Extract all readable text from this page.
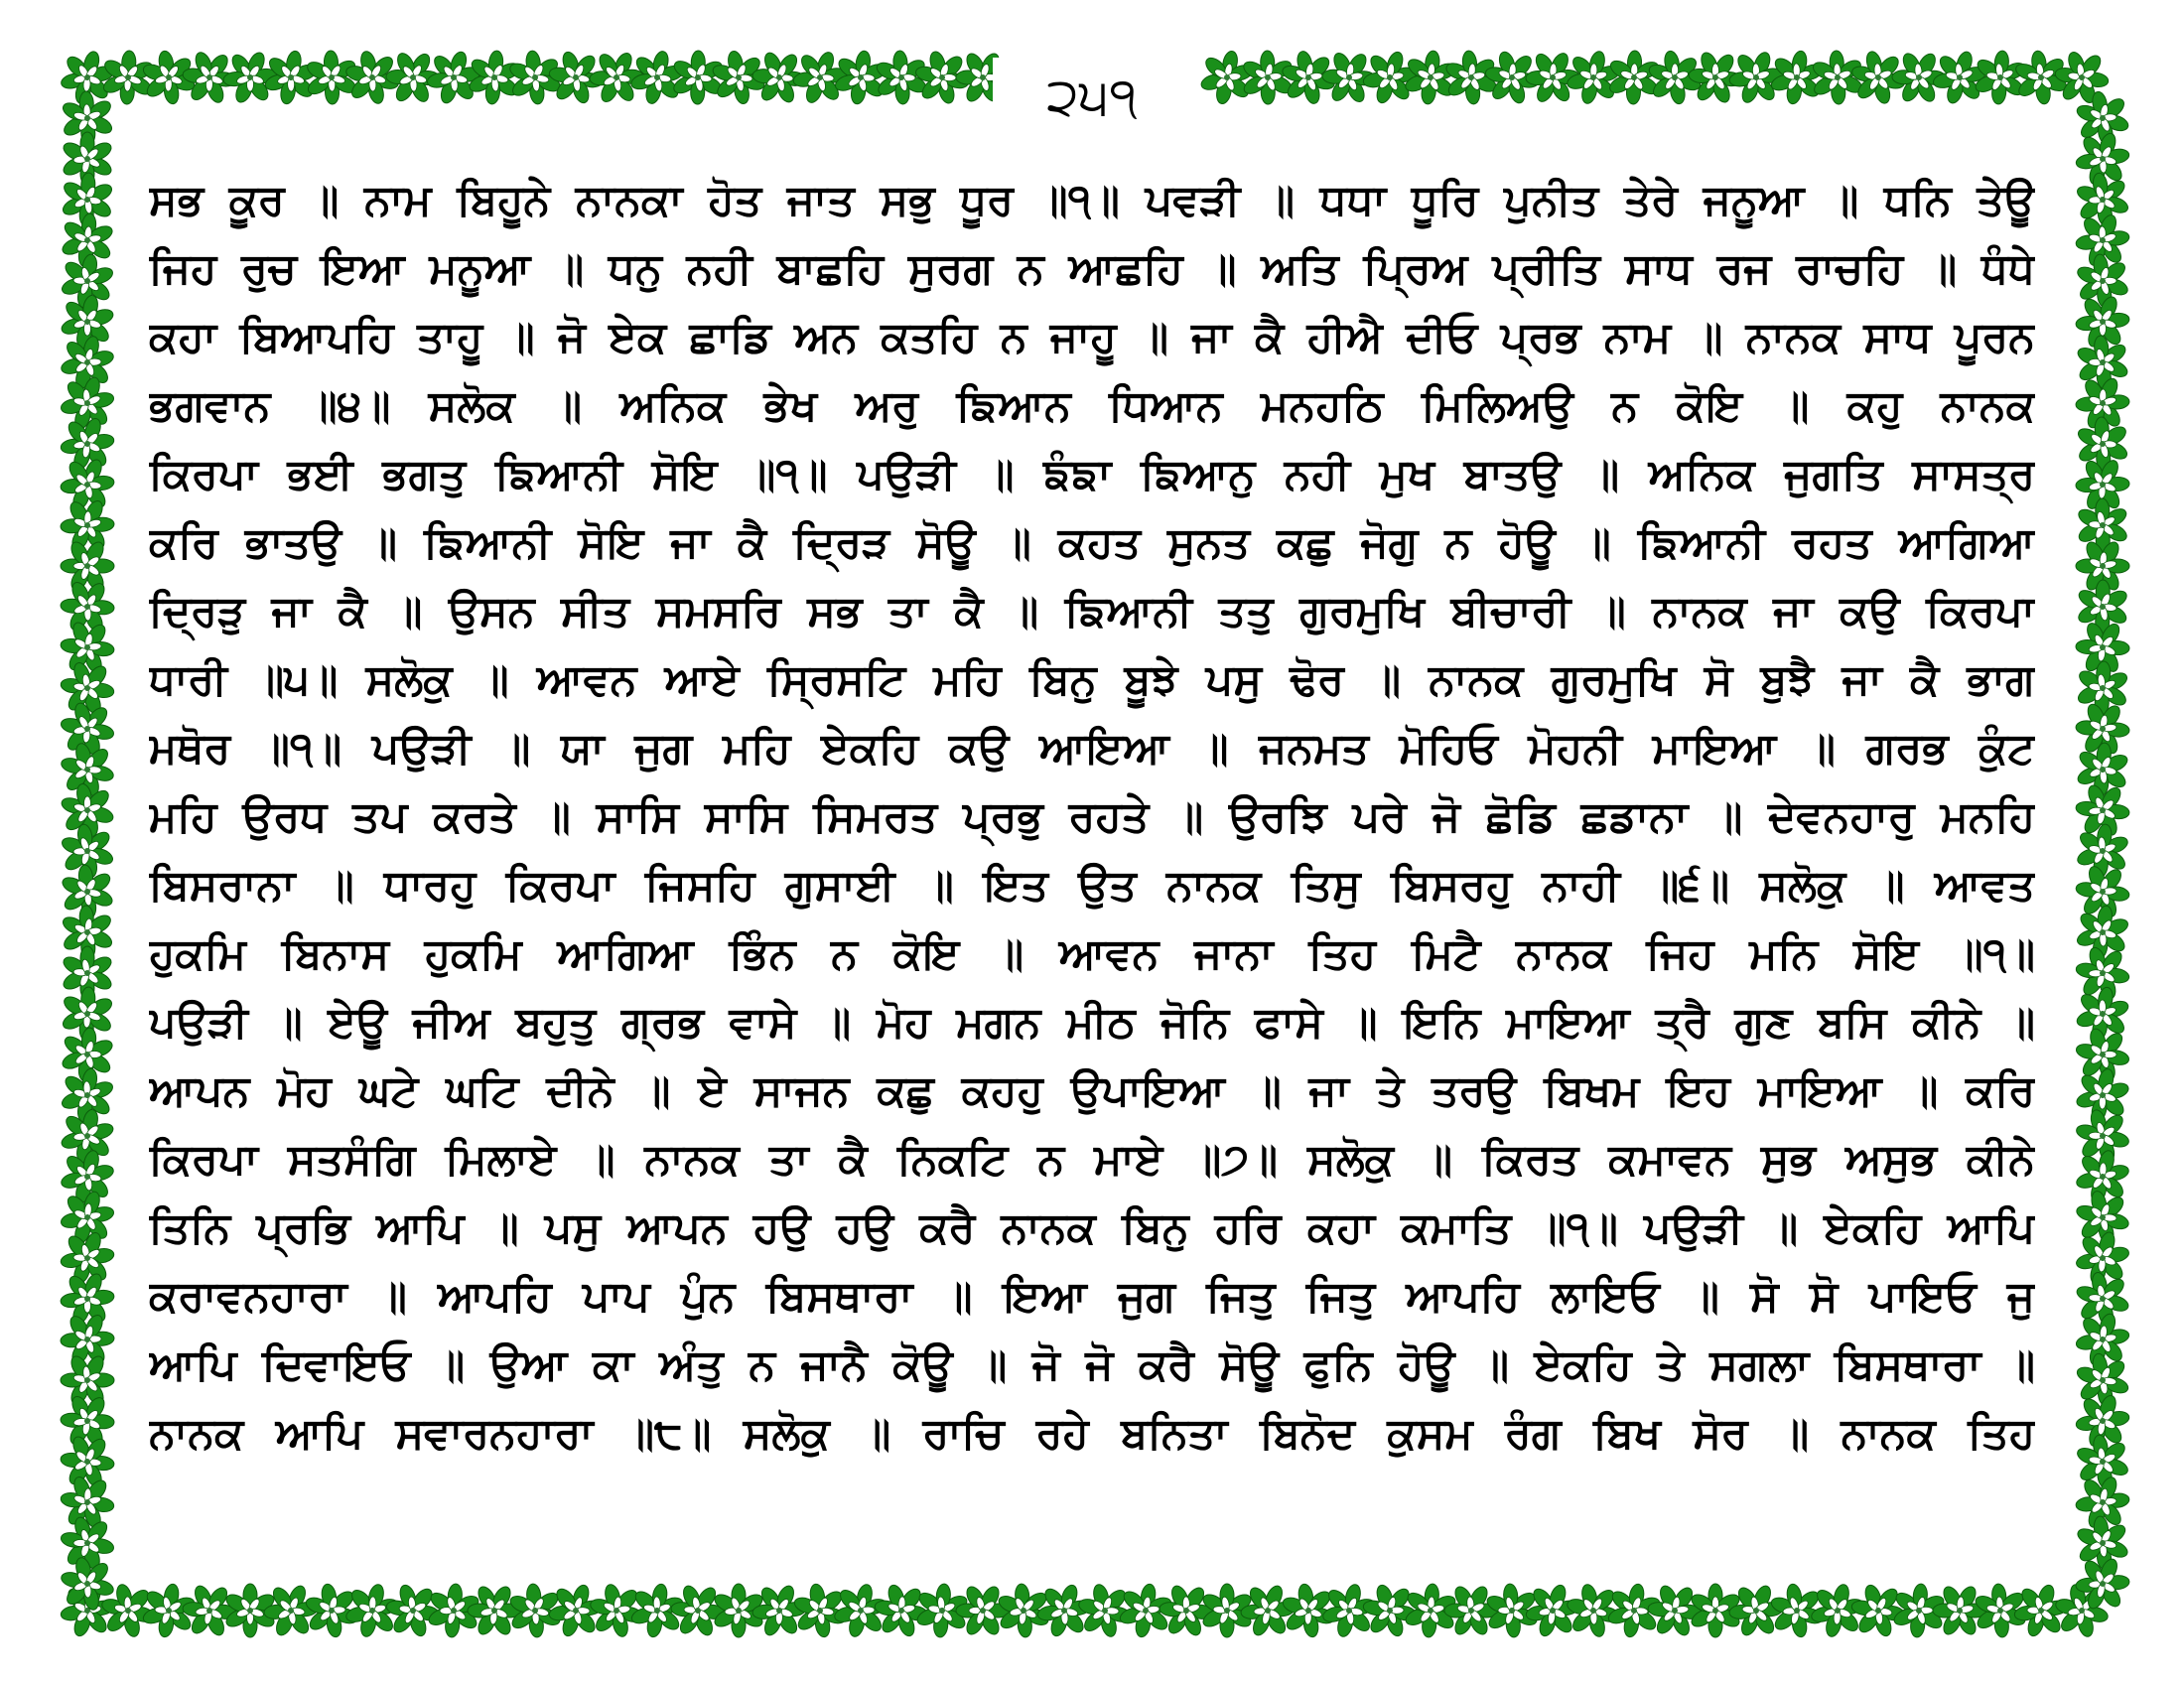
੨੫੧
ਸਭ ਕੂਰ ॥ ਨਾਮ ਬਿਹੂਨੇ ਨਾਨਕਾ ਹੋਤ ਜਾਤ ਸਭੁ ਧੂਰ ॥੧॥ ਪਵੜੀ ॥ ਧਧਾ ਧੂਰਿ ਪੁਨੀਤ ਤੇਰੇ ਜਨੂਆ ॥ ਧਨਿ ਤੇਊ
ਜਿਹ ਰੁਚ ਇਆ ਮਨੂਆ ॥ ਧਨੁ ਨਹੀ ਬਾਛਹਿ ਸੁਰਗ ਨ ਆਛਹਿ ॥ ਅਤਿ ਪ੍ਰਿਅ ਪ੍ਰੀਤਿ ਸਾਧ ਰਜ ਰਾਚਹਿ ॥ ਧੰਧੇ
ਕਹਾ ਬਿਆਪਹਿ ਤਾਹੂ ॥ ਜੋ ਏਕ ਛਾਡਿ ਅਨ ਕਤਹਿ ਨ ਜਾਹੂ ॥ ਜਾ ਕੈ ਹੀਐ ਦੀਓ ਪ੍ਰਭ ਨਾਮ ॥ ਨਾਨਕ ਸਾਧ ਪੂਰਨ
ਭਗਵਾਨ ॥੪॥ ਸਲੋਕ ॥ ਅਨਿਕ ਭੇਖ ਅਰੁ ਙਿਆਨ ਧਿਆਨ ਮਨਹਠਿ ਮਿਲਿਅਉ ਨ ਕੋਇ ॥ ਕਹੁ ਨਾਨਕ
ਕਿਰਪਾ ਭਈ ਭਗਤੁ ਙਿਆਨੀ ਸੋਇ ॥੧॥ ਪਉੜੀ ॥ ਙੰਙਾ ਙਿਆਨੁ ਨਹੀ ਮੁਖ ਬਾਤਉ ॥ ਅਨਿਕ ਜੁਗਤਿ ਸਾਸਤ੍ਰ
ਕਰਿ ਭਾਤਉ ॥ ਙਿਆਨੀ ਸੋਇ ਜਾ ਕੈ ਦ੍ਰਿੜ ਸੋਊ ॥ ਕਹਤ ਸੁਨਤ ਕਛੁ ਜੋਗੁ ਨ ਹੋਊ ॥ ਙਿਆਨੀ ਰਹਤ ਆਗਿਆ
ਦ੍ਰਿੜੁ ਜਾ ਕੈ ॥ ਉਸਨ ਸੀਤ ਸਮਸਰਿ ਸਭ ਤਾ ਕੈ ॥ ਙਿਆਨੀ ਤਤੁ ਗੁਰਮੁਖਿ ਬੀਚਾਰੀ ॥ ਨਾਨਕ ਜਾ ਕਉ ਕਿਰਪਾ
ਧਾਰੀ ॥੫॥ ਸਲੋਕੁ ॥ ਆਵਨ ਆਏ ਸ੍ਰਿਸਟਿ ਮਹਿ ਬਿਨੁ ਬੂਝੇ ਪਸੁ ਢੋਰ ॥ ਨਾਨਕ ਗੁਰਮੁਖਿ ਸੋ ਬੁਝੈ ਜਾ ਕੈ ਭਾਗ
ਮਥੋਰ ॥੧॥ ਪਉੜੀ ॥ ਯਾ ਜੁਗ ਮਹਿ ਏਕਹਿ ਕਉ ਆਇਆ ॥ ਜਨਮਤ ਮੋਹਿਓ ਮੋਹਨੀ ਮਾਇਆ ॥ ਗਰਭ ਕੁੰਟ
ਮਹਿ ਉਰਧ ਤਪ ਕਰਤੇ ॥ ਸਾਸਿ ਸਾਸਿ ਸਿਮਰਤ ਪ੍ਰਭੁ ਰਹਤੇ ॥ ਉਰਝਿ ਪਰੇ ਜੋ ਛੋਡਿ ਛਡਾਨਾ ॥ ਦੇਵਨਹਾਰੁ ਮਨਹਿ
ਬਿਸਰਾਨਾ ॥ ਧਾਰਹੁ ਕਿਰਪਾ ਜਿਸਹਿ ਗੁਸਾਈ ॥ ਇਤ ਉਤ ਨਾਨਕ ਤਿਸੁ ਬਿਸਰਹੁ ਨਾਹੀ ॥੬॥ ਸਲੋਕੁ ॥ ਆਵਤ
ਹੁਕਮਿ ਬਿਨਾਸ ਹੁਕਮਿ ਆਗਿਆ ਭਿੰਨ ਨ ਕੋਇ ॥ ਆਵਨ ਜਾਨਾ ਤਿਹ ਮਿਟੈ ਨਾਨਕ ਜਿਹ ਮਨਿ ਸੋਇ ॥੧॥
ਪਉੜੀ ॥ ਏਊ ਜੀਅ ਬਹੁਤੁ ਗ੍ਰਭ ਵਾਸੇ ॥ ਮੋਹ ਮਗਨ ਮੀਠ ਜੋਨਿ ਫਾਸੇ ॥ ਇਨਿ ਮਾਇਆ ਤ੍ਰੈ ਗੁਣ ਬਸਿ ਕੀਨੇ ॥
ਆਪਨ ਮੋਹ ਘਟੇ ਘਟਿ ਦੀਨੇ ॥ ਏ ਸਾਜਨ ਕਛੁ ਕਹਹੁ ਉਪਾਇਆ ॥ ਜਾ ਤੇ ਤਰਉ ਬਿਖਮ ਇਹ ਮਾਇਆ ॥ ਕਰਿ
ਕਿਰਪਾ ਸਤਸੰਗਿ ਮਿਲਾਏ ॥ ਨਾਨਕ ਤਾ ਕੈ ਨਿਕਟਿ ਨ ਮਾਏ ॥੭॥ ਸਲੋਕੁ ॥ ਕਿਰਤ ਕਮਾਵਨ ਸੁਭ ਅਸੁਭ ਕੀਨੇ
ਤਿਨਿ ਪ੍ਰਭਿ ਆਪਿ ॥ ਪਸੁ ਆਪਨ ਹਉ ਹਉ ਕਰੈ ਨਾਨਕ ਬਿਨੁ ਹਰਿ ਕਹਾ ਕਮਾਤਿ ॥੧॥ ਪਉੜੀ ॥ ਏਕਹਿ ਆਪਿ
ਕਰਾਵਨਹਾਰਾ ॥ ਆਪਹਿ ਪਾਪ ਪੁੰਨ ਬਿਸਥਾਰਾ ॥ ਇਆ ਜੁਗ ਜਿਤੁ ਜਿਤੁ ਆਪਹਿ ਲਾਇਓ ॥ ਸੋ ਸੋ ਪਾਇਓ ਜੁ
ਆਪਿ ਦਿਵਾਇਓ ॥ ਉਆ ਕਾ ਅੰਤੁ ਨ ਜਾਨੈ ਕੋਊ ॥ ਜੋ ਜੋ ਕਰੈ ਸੋਊ ਫੁਨਿ ਹੋਊ ॥ ਏਕਹਿ ਤੇ ਸਗਲਾ ਬਿਸਥਾਰਾ ॥
ਨਾਨਕ ਆਪਿ ਸਵਾਰਨਹਾਰਾ ॥੮॥ ਸਲੋਕੁ ॥ ਰਾਚਿ ਰਹੇ ਬਨਿਤਾ ਬਿਨੋਦ ਕੁਸਮ ਰੰਗ ਬਿਖ ਸੋਰ ॥ ਨਾਨਕ ਤਿਹ
